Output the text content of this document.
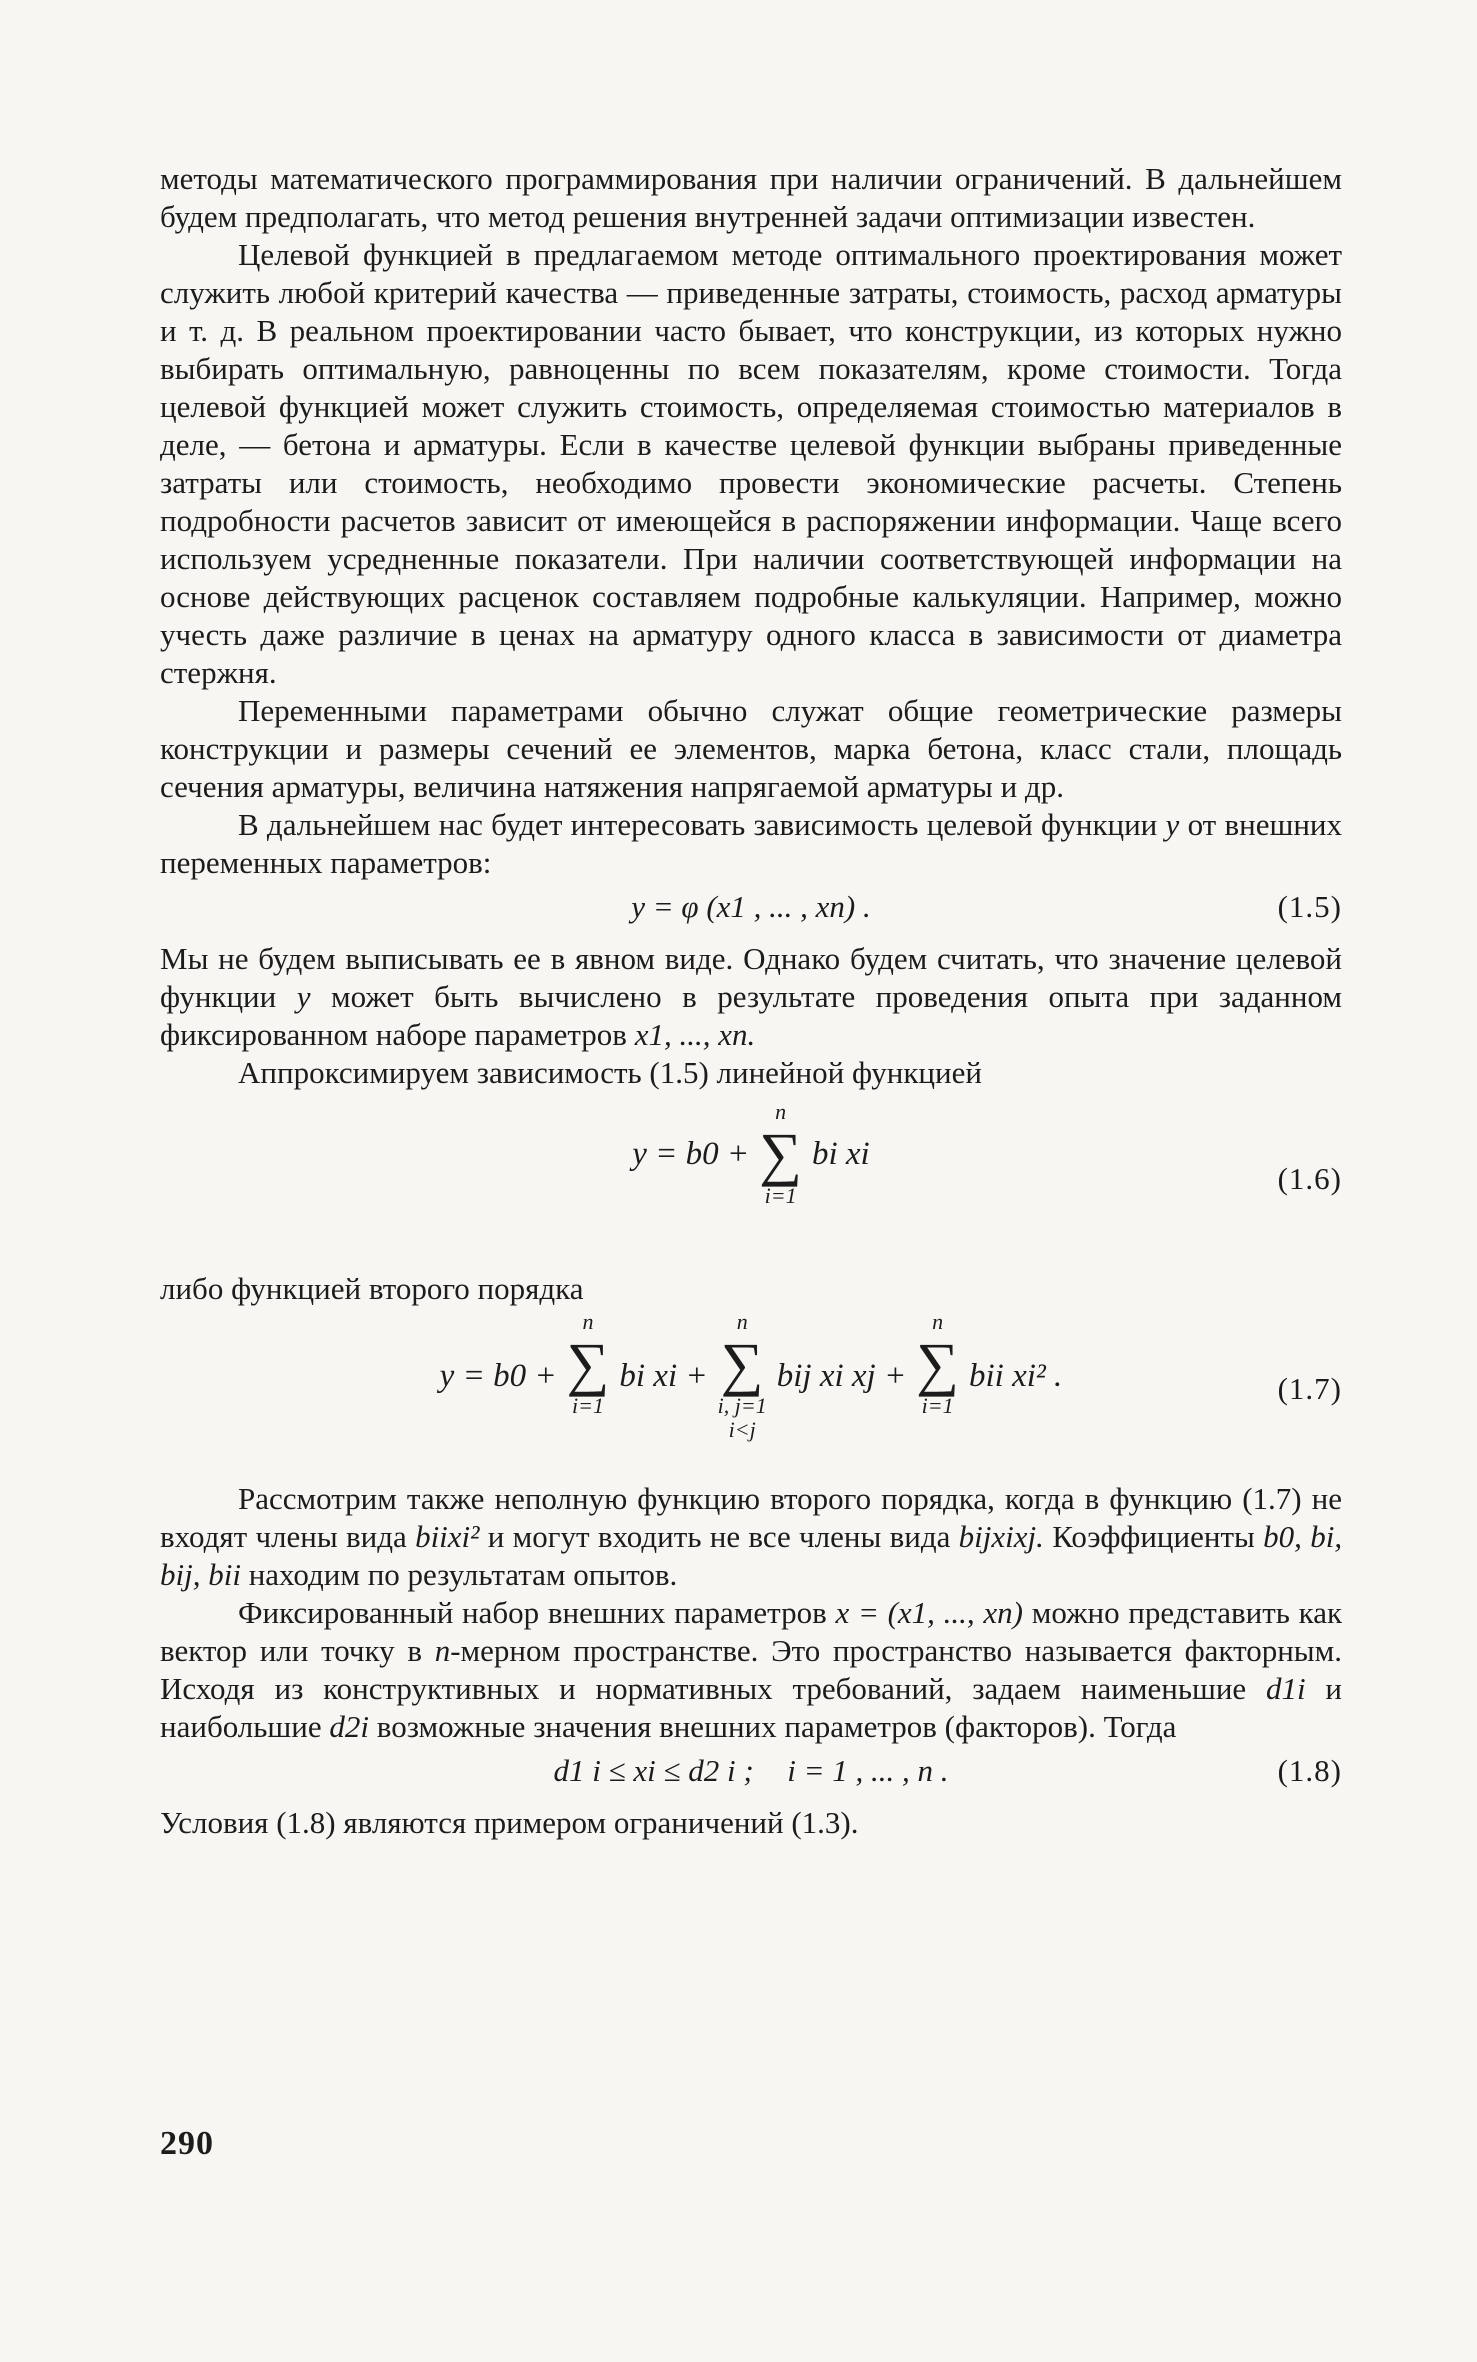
методы математического программирования при наличии ограничений. В дальнейшем будем предполагать, что метод решения внутренней задачи оптимизации известен.

Целевой функцией в предлагаемом методе оптимального проектирования может служить любой критерий качества — приведенные затраты, стоимость, расход арматуры и т. д. В реальном проектировании часто бывает, что конструкции, из которых нужно выбирать оптимальную, равноценны по всем показателям, кроме стоимости. Тогда целевой функцией может служить стоимость, определяемая стоимостью материалов в деле, — бетона и арматуры. Если в качестве целевой функции выбраны приведенные затраты или стоимость, необходимо провести экономические расчеты. Степень подробности расчетов зависит от имеющейся в распоряжении информации. Чаще всего используем усредненные показатели. При наличии соответствующей информации на основе действующих расценок составляем подробные калькуляции. Например, можно учесть даже различие в ценах на арматуру одного класса в зависимости от диаметра стержня.

Переменными параметрами обычно служат общие геометрические размеры конструкции и размеры сечений ее элементов, марка бетона, класс стали, площадь сечения арматуры, величина натяжения напрягаемой арматуры и др.

В дальнейшем нас будет интересовать зависимость целевой функции y от внешних переменных параметров:

y = φ (x1 , ... , xn) .	(1.5)

Мы не будем выписывать ее в явном виде. Однако будем считать, что значение целевой функции y может быть вычислено в результате проведения опыта при заданном фиксированном наборе параметров x1, ..., xn.

Аппроксимируем зависимость (1.5) линейной функцией

y = b0 +
n
∑
i=1
bi xi
(1.6)

либо функцией второго порядка

y = b0 +
n
∑
i=1

bi xi +
n
∑
i, j=1
i<j
bij xi xj +
n
∑
i=1

bii xi² .	(1.7)

Рассмотрим также неполную функцию второго порядка, когда в функцию (1.7) не входят члены вида biixi² и могут входить не все члены вида bijxixj. Коэффициенты b0, bi, bij, bii находим по результатам опытов.

Фиксированный набор внешних параметров x = (x1, ..., xn) можно представить как вектор или точку в n-мерном пространстве. Это пространство называется факторным. Исходя из конструктивных и нормативных требований, задаем наименьшие d1i и наибольшие d2i возможные значения внешних параметров (факторов). Тогда

d1 i ≤ xi ≤ d2 i ; i = 1 , ... , n .	(1.8)

Условия (1.8) являются примером ограничений (1.3).

290
